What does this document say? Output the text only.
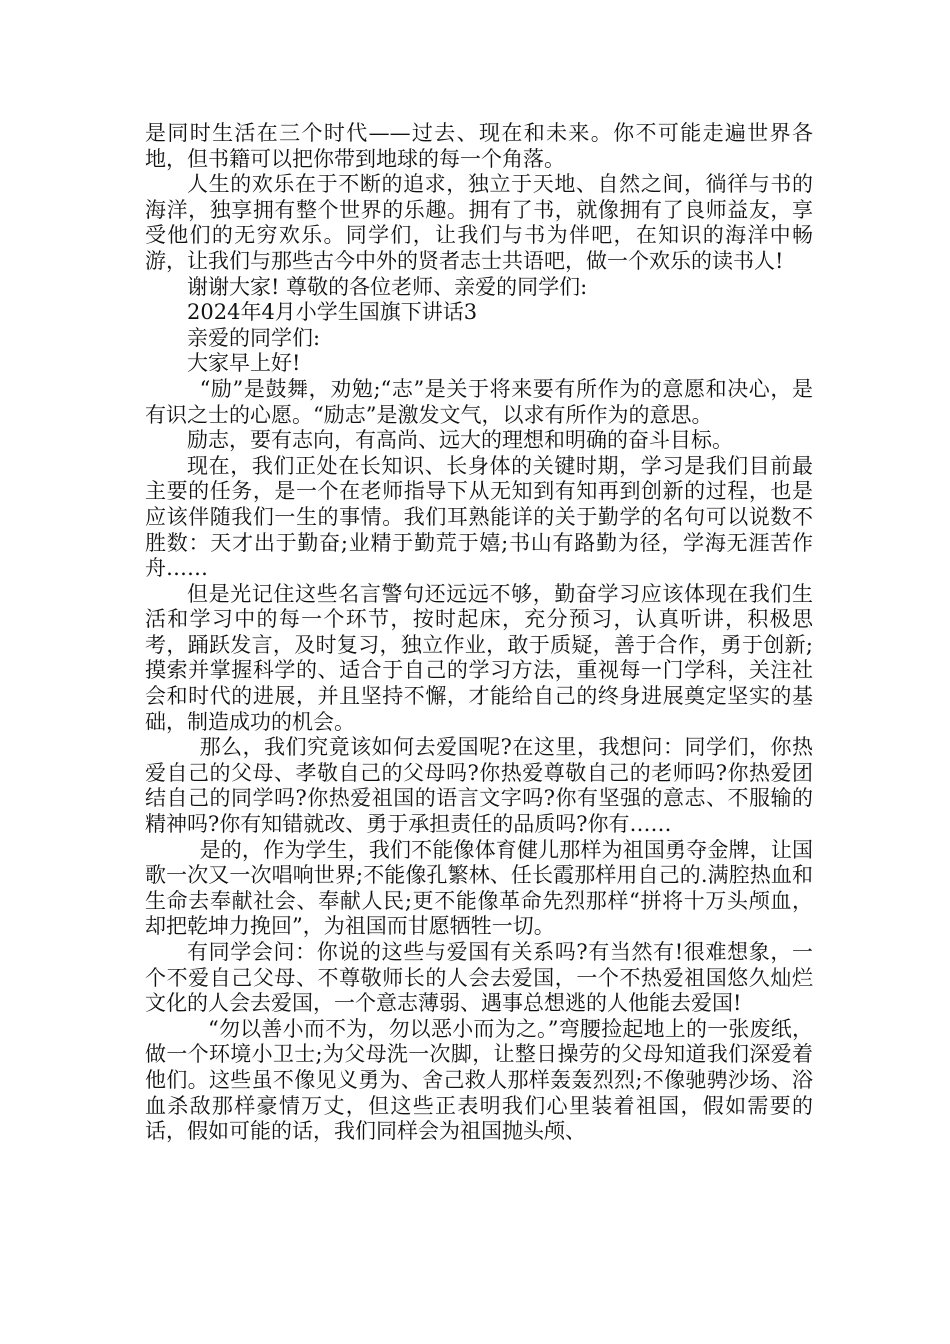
是同时生活在三个时代——过去、现在和未来。你不可能走遍世界各地，但书籍可以把你带到地球的每一个角落。

人生的欢乐在于不断的追求，独立于天地、自然之间，徜徉与书的海洋，独享拥有整个世界的乐趣。拥有了书，就像拥有了良师益友，享受他们的无穷欢乐。同学们，让我们与书为伴吧，在知识的海洋中畅游，让我们与那些古今中外的贤者志士共语吧，做一个欢乐的读书人!

谢谢大家! 尊敬的各位老师、亲爱的同学们:

2024年4月小学生国旗下讲话3

亲爱的同学们:

大家早上好!

“励”是鼓舞，劝勉;“志”是关于将来要有所作为的意愿和决心，是有识之士的心愿。“励志”是激发文气，以求有所作为的意思。

励志，要有志向，有高尚、远大的理想和明确的奋斗目标。

现在，我们正处在长知识、长身体的关键时期，学习是我们目前最主要的任务，是一个在老师指导下从无知到有知再到创新的过程，也是应该伴随我们一生的事情。我们耳熟能详的关于勤学的名句可以说数不胜数：天才出于勤奋;业精于勤荒于嬉;书山有路勤为径，学海无涯苦作舟……

但是光记住这些名言警句还远远不够，勤奋学习应该体现在我们生活和学习中的每一个环节，按时起床，充分预习，认真听讲，积极思考，踊跃发言，及时复习，独立作业，敢于质疑，善于合作，勇于创新;摸索并掌握科学的、适合于自己的学习方法，重视每一门学科，关注社会和时代的进展，并且坚持不懈，才能给自己的终身进展奠定坚实的基础，制造成功的机会。

那么，我们究竟该如何去爱国呢?在这里，我想问：同学们，你热爱自己的父母、孝敬自己的父母吗?你热爱尊敬自己的老师吗?你热爱团结自己的同学吗?你热爱祖国的语言文字吗?你有坚强的意志、不服输的精神吗?你有知错就改、勇于承担责任的品质吗?你有……

是的，作为学生，我们不能像体育健儿那样为祖国勇夺金牌，让国歌一次又一次唱响世界;不能像孔繁林、任长霞那样用自己的.满腔热血和生命去奉献社会、奉献人民;更不能像革命先烈那样“拼将十万头颅血，却把乾坤力挽回”，为祖国而甘愿牺牲一切。

有同学会问：你说的这些与爱国有关系吗?有当然有!很难想象，一个不爱自己父母、不尊敬师长的人会去爱国，一个不热爱祖国悠久灿烂文化的人会去爱国，一个意志薄弱、遇事总想逃的人他能去爱国!

“勿以善小而不为，勿以恶小而为之。”弯腰捡起地上的一张废纸，做一个环境小卫士;为父母洗一次脚，让整日操劳的父母知道我们深爱着他们。这些虽不像见义勇为、舍己救人那样轰轰烈烈;不像驰骋沙场、浴血杀敌那样豪情万丈，但这些正表明我们心里装着祖国，假如需要的话，假如可能的话，我们同样会为祖国抛头颅、
